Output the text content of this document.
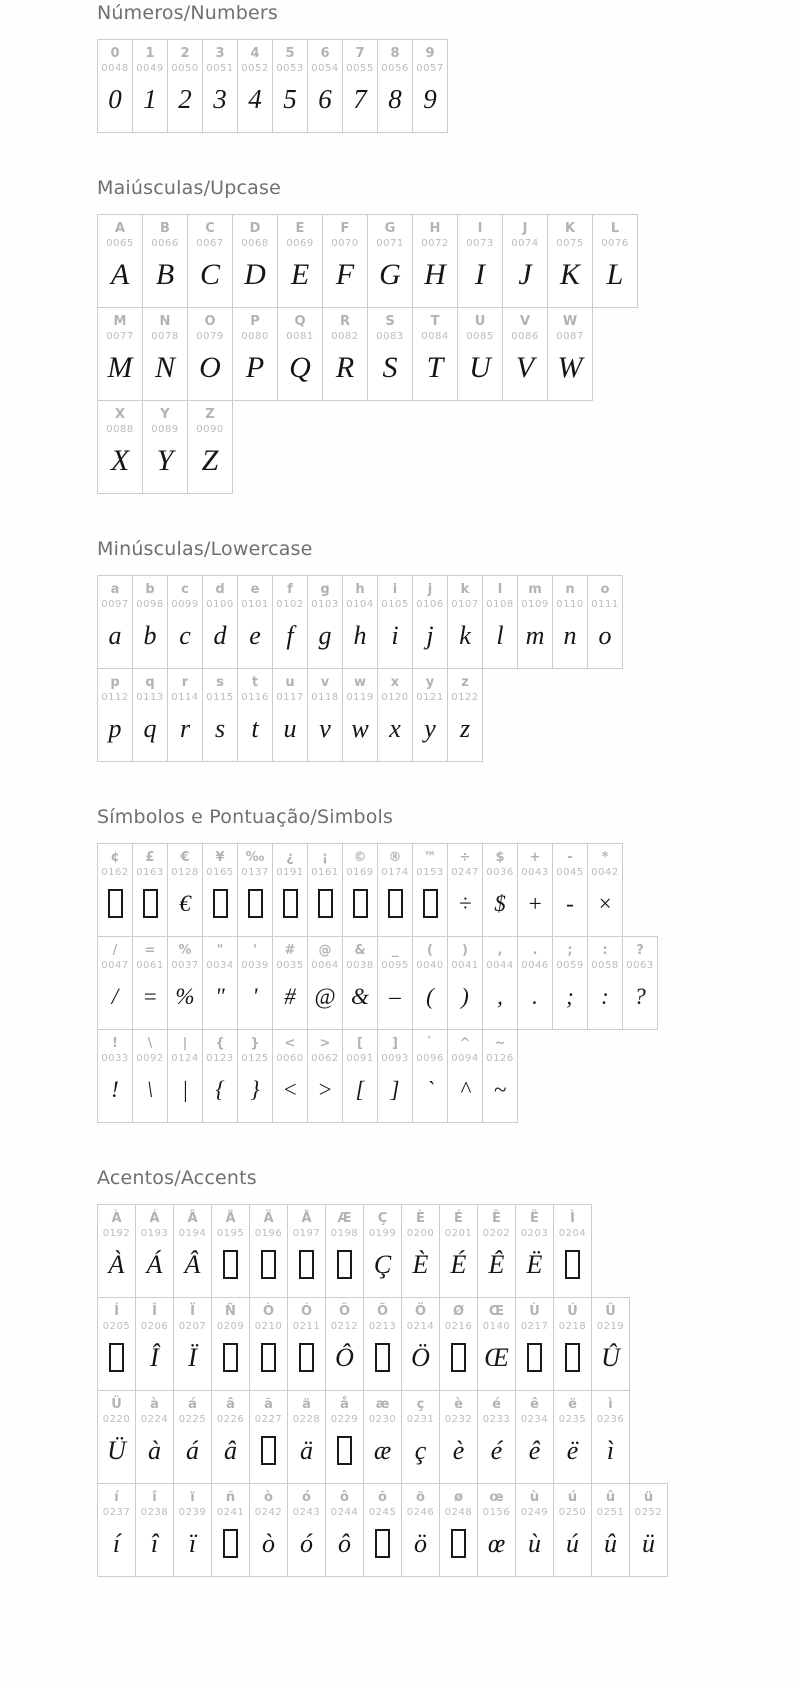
Números/Numbers
0
0048
0
1
0049
1
2
0050
2
3
0051
3
4
0052
4
5
0053
5
6
0054
6
7
0055
7
8
0056
8
9
0057
9
Maiúsculas/Upcase
A
0065
A
B
0066
B
C
0067
C
D
0068
D
E
0069
E
F
0070
F
G
0071
G
H
0072
H
I
0073
I
J
0074
J
K
0075
K
L
0076
L
M
0077
M
N
0078
N
O
0079
O
P
0080
P
Q
0081
Q
R
0082
R
S
0083
S
T
0084
T
U
0085
U
V
0086
V
W
0087
W
X
0088
X
Y
0089
Y
Z
0090
Z
Minúsculas/Lowercase
a
0097
a
b
0098
b
c
0099
c
d
0100
d
e
0101
e
f
0102
f
g
0103
g
h
0104
h
i
0105
i
j
0106
j
k
0107
k
l
0108
l
m
0109
m
n
0110
n
o
0111
o
p
0112
p
q
0113
q
r
0114
r
s
0115
s
t
0116
t
u
0117
u
v
0118
v
w
0119
w
x
0120
x
y
0121
y
z
0122
z
Símbolos e Pontuação/Simbols
¢
0162
£
0163
€
0128
€
¥
0165
‰
0137
¿
0191
¡
0161
©
0169
®
0174
™
0153
÷
0247
÷
$
0036
$
+
0043
+
-
0045
-
*
0042
×
/
0047
/
=
0061
=
%
0037
%
"
0034
"
'
0039
'
#
0035
#
@
0064
@
&
0038
&
_
0095
–
(
0040
(
)
0041
)
,
0044
,
.
0046
.
;
0059
;
:
0058
:
?
0063
?
!
0033
!
\
0092
\
|
0124
|
{
0123
{
}
0125
}
<
0060
<
>
0062
>
[
0091
[
]
0093
]
`
0096
`
^
0094
^
~
0126
~
Acentos/Accents
À
0192
À
Á
0193
Á
Â
0194
Â
Ã
0195
Ä
0196
Å
0197
Æ
0198
Ç
0199
Ç
È
0200
È
É
0201
É
Ê
0202
Ê
Ë
0203
Ë
Ì
0204
Í
0205
Î
0206
Î
Ï
0207
Ï
Ñ
0209
Ò
0210
Ó
0211
Ô
0212
Ô
Õ
0213
Ö
0214
Ö
Ø
0216
Œ
0140
Œ
Ù
0217
Ú
0218
Û
0219
Û
Ü
0220
Ü
à
0224
à
á
0225
á
â
0226
â
ã
0227
ä
0228
ä
å
0229
æ
0230
æ
ç
0231
ç
è
0232
è
é
0233
é
ê
0234
ê
ë
0235
ë
ì
0236
ì
í
0237
í
î
0238
î
ï
0239
ï
ñ
0241
ò
0242
ò
ó
0243
ó
ô
0244
ô
õ
0245
ö
0246
ö
ø
0248
œ
0156
œ
ù
0249
ù
ú
0250
ú
û
0251
û
ü
0252
ü
